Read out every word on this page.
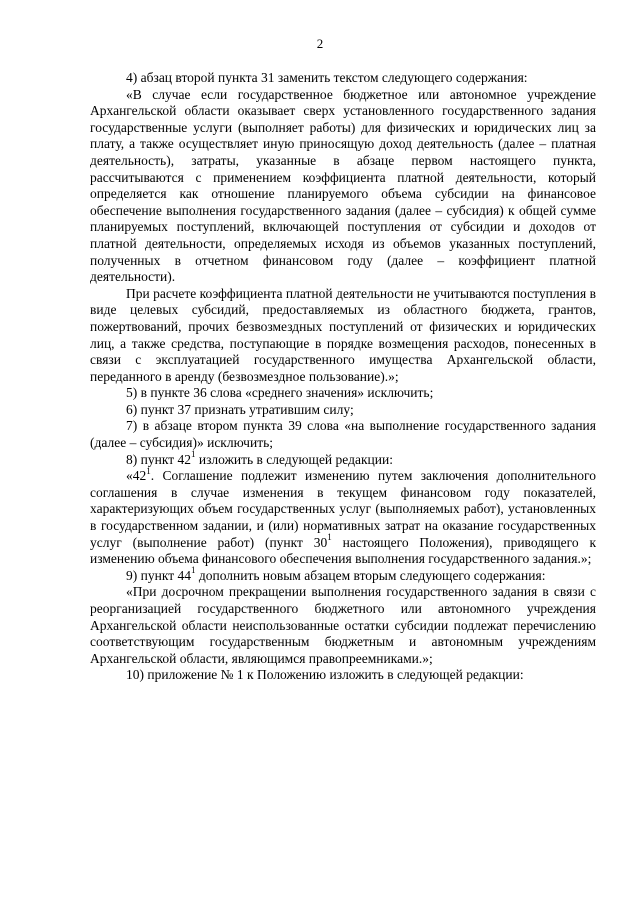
2

4) абзац второй пункта 31 заменить текстом следующего содержания:

«В случае если государственное бюджетное или автономное учреждение Архангельской области оказывает сверх установленного государственного задания государственные услуги (выполняет работы) для физических и юридических лиц за плату, а также осуществляет иную приносящую доход деятельность (далее – платная деятельность), затраты, указанные в абзаце первом настоящего пункта, рассчитываются с применением коэффициента платной деятельности, который определяется как отношение планируемого объема субсидии на финансовое обеспечение выполнения государственного задания (далее – субсидия) к общей сумме планируемых поступлений, включающей поступления от субсидии и доходов от платной деятельности, определяемых исходя из объемов указанных поступлений, полученных в отчетном финансовом году (далее – коэффициент платной деятельности).

При расчете коэффициента платной деятельности не учитываются поступления в виде целевых субсидий, предоставляемых из областного бюджета, грантов, пожертвований, прочих безвозмездных поступлений от физических и юридических лиц, а также средства, поступающие в порядке возмещения расходов, понесенных в связи с эксплуатацией государственного имущества Архангельской области, переданного в аренду (безвозмездное пользование).»;

5) в пункте 36 слова «среднего значения» исключить;

6) пункт 37 признать утратившим силу;

7) в абзаце втором пункта 39 слова «на выполнение государственного задания (далее – субсидия)» исключить;

8) пункт $42^1$ изложить в следующей редакции:

«$42^1$. Соглашение подлежит изменению путем заключения дополнительного соглашения в случае изменения в текущем финансовом году показателей, характеризующих объем государственных услуг (выполняемых работ), установленных в государственном задании, и (или) нормативных затрат на оказание государственных услуг (выполнение работ) (пункт $30^1$ настоящего Положения), приводящего к изменению объема финансового обеспечения выполнения государственного задания.»;

9) пункт $44^1$ дополнить новым абзацем вторым следующего содержания:

«При досрочном прекращении выполнения государственного задания в связи с реорганизацией государственного бюджетного или автономного учреждения Архангельской области неиспользованные остатки субсидии подлежат перечислению соответствующим государственным бюджетным и автономным учреждениям Архангельской области, являющимся правопреемниками.»;

10) приложение № 1 к Положению изложить в следующей редакции:
